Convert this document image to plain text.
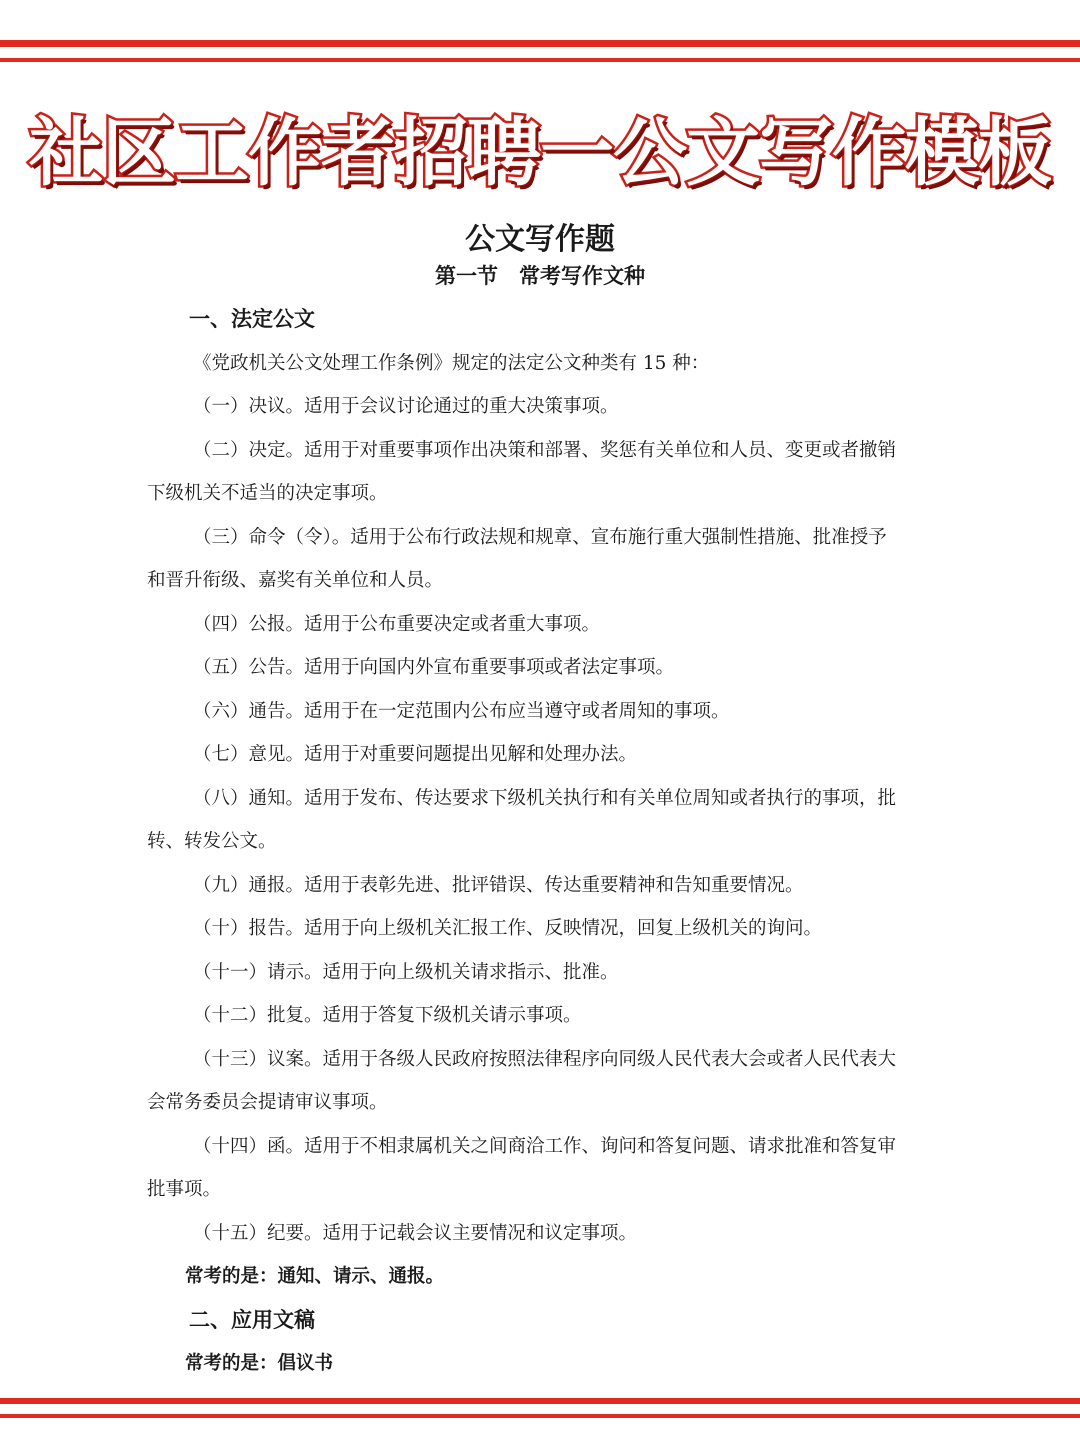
社区工作者招聘一公文写作模板
公文写作题
第一节　常考写作文种
一、法定公文
《党政机关公文处理工作条例》规定的法定公文种类有 15 种：
（一）决议。适用于会议讨论通过的重大决策事项。
（二）决定。适用于对重要事项作出决策和部署、奖惩有关单位和人员、变更或者撤销
下级机关不适当的决定事项。
（三）命令（令）。适用于公布行政法规和规章、宣布施行重大强制性措施、批准授予
和晋升衔级、嘉奖有关单位和人员。
（四）公报。适用于公布重要决定或者重大事项。
（五）公告。适用于向国内外宣布重要事项或者法定事项。
（六）通告。适用于在一定范围内公布应当遵守或者周知的事项。
（七）意见。适用于对重要问题提出见解和处理办法。
（八）通知。适用于发布、传达要求下级机关执行和有关单位周知或者执行的事项，批
转、转发公文。
（九）通报。适用于表彰先进、批评错误、传达重要精神和告知重要情况。
（十）报告。适用于向上级机关汇报工作、反映情况，回复上级机关的询问。
（十一）请示。适用于向上级机关请求指示、批准。
（十二）批复。适用于答复下级机关请示事项。
（十三）议案。适用于各级人民政府按照法律程序向同级人民代表大会或者人民代表大
会常务委员会提请审议事项。
（十四）函。适用于不相隶属机关之间商洽工作、询问和答复问题、请求批准和答复审
批事项。
（十五）纪要。适用于记载会议主要情况和议定事项。
常考的是：通知、请示、通报。
二、应用文稿
常考的是：倡议书
